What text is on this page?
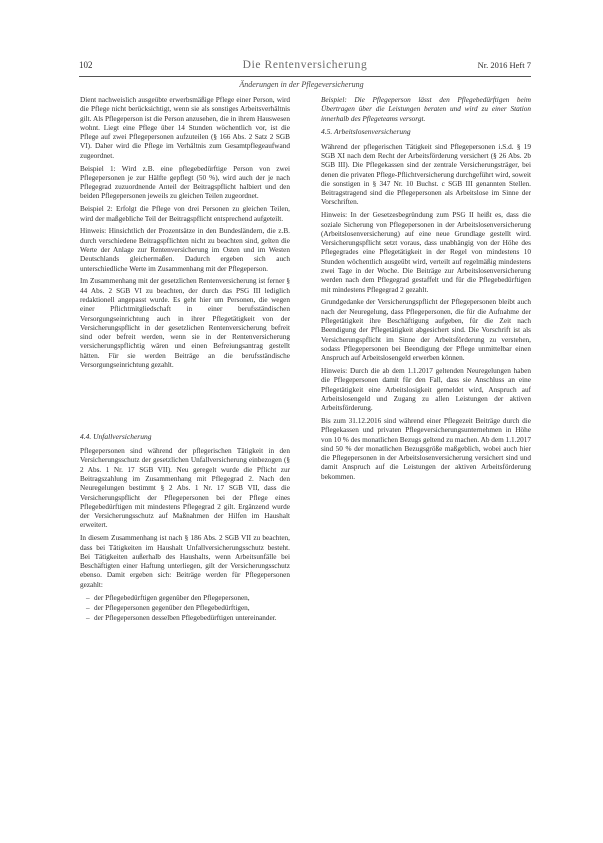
102	Die Rentenversicherung	Nr. 2016 Heft 7
Änderungen in der Pflegeversicherung

Dient nachweislich ausgeübte erwerbsmäßige Pflege einer Person, wird die Pflege nicht berücksichtigt, wenn sie als sonstiges Arbeitsverhältnis gilt. Als Pflegeperson ist die Person anzusehen, die in ihrem Hauswesen wohnt. Liegt eine Pflege über 14 Stunden wöchentlich vor, ist die Pflege auf zwei Pflegepersonen aufzuteilen (§ 166 Abs. 2 Satz 2 SGB VI). Daher wird die Pflege im Verhältnis zum Gesamtpflegeaufwand zugeordnet.

Beispiel 1: Wird z.B. eine pflegebedürftige Person von zwei Pflegepersonen je zur Hälfte gepflegt (50 %), wird auch der je nach Pflegegrad zuzuordnende Anteil der Beitragspflicht halbiert und den beiden Pflegepersonen jeweils zu gleichen Teilen zugeordnet.

Beispiel 2: Erfolgt die Pflege von drei Personen zu gleichen Teilen, wird der maßgebliche Teil der Beitragspflicht entsprechend aufgeteilt.

Hinweis: Hinsichtlich der Prozentsätze in den Bundesländern, die z.B. durch verschiedene Beitragspflichten nicht zu beachten sind, gelten die Werte der Anlage zur Rentenversicherung im Osten und im Westen Deutschlands gleichermaßen. Dadurch ergeben sich auch unterschiedliche Werte im Zusammenhang mit der Pflegeperson.

Im Zusammenhang mit der gesetzlichen Rentenversicherung ist ferner § 44 Abs. 2 SGB VI zu beachten, der durch das PSG III lediglich redaktionell angepasst wurde. Es geht hier um Personen, die wegen einer Pflichtmitgliedschaft in einer berufsständischen Versorgungseinrichtung auch in ihrer Pflegetätigkeit von der Versicherungspflicht in der gesetzlichen Rentenversicherung befreit sind oder befreit werden, wenn sie in der Rentenversicherung versicherungspflichtig wären und einen Befreiungsantrag gestellt hätten. Für sie werden Beiträge an die berufsständische Versorgungseinrichtung gezahlt.

4.4. Unfallversicherung

Pflegepersonen sind während der pflegerischen Tätigkeit in den Versicherungsschutz der gesetzlichen Unfallversicherung einbezogen (§ 2 Abs. 1 Nr. 17 SGB VII). Neu geregelt wurde die Pflicht zur Beitragszahlung im Zusammenhang mit Pflegegrad 2. Nach den Neuregelungen bestimmt § 2 Abs. 1 Nr. 17 SGB VII, dass die Versicherungspflicht der Pflegepersonen bei der Pflege eines Pflegebedürftigen mit mindestens Pflegegrad 2 gilt. Ergänzend wurde der Versicherungsschutz auf Maßnahmen der Hilfen im Haushalt erweitert.

In diesem Zusammenhang ist nach § 186 Abs. 2 SGB VII zu beachten, dass bei Tätigkeiten im Haushalt Unfallversicherungsschutz besteht. Bei Tätigkeiten außerhalb des Haushalts, wenn Arbeitsunfälle bei Beschäftigten einer Haftung unterliegen, gilt der Versicherungsschutz ebenso. Damit ergeben sich: Beiträge werden für Pflegepersonen gezahlt:

– der Pflegebedürftigen gegenüber den Pflegepersonen,
– der Pflegepersonen gegenüber den Pflegebedürftigen,
– der Pflegepersonen desselben Pflegebedürftigen untereinander.

Beispiel: Die Pflegeperson lässt den Pflegebedürftigen beim Übertragen über die Leistungen beraten und wird zu einer Station innerhalb des Pflegeteams versorgt.

4.5. Arbeitslosenversicherung

Während der pflegerischen Tätigkeit sind Pflegepersonen i.S.d. § 19 SGB XI nach dem Recht der Arbeitsförderung versichert (§ 26 Abs. 2b SGB III). Die Pflegekassen sind der zentrale Versicherungsträger, bei denen die privaten Pflege-Pflichtversicherung durchgeführt wird, soweit die sonstigen in § 347 Nr. 10 Buchst. c SGB III genannten Stellen. Beitragstragend sind die Pflegepersonen als Arbeitslose im Sinne der Vorschriften.

Hinweis: In der Gesetzesbegründung zum PSG II heißt es, dass die soziale Sicherung von Pflegepersonen in der Arbeitslosenversicherung (Arbeitslosenversicherung) auf eine neue Grundlage gestellt wird. Versicherungspflicht setzt voraus, dass unabhängig von der Höhe des Pflegegrades eine Pflegetätigkeit in der Regel von mindestens 10 Stunden wöchentlich ausgeübt wird, verteilt auf regelmäßig mindestens zwei Tage in der Woche. Die Beiträge zur Arbeitslosenversicherung werden nach dem Pflegegrad gestaffelt und für die Pflegebedürftigen mit mindestens Pflegegrad 2 gezahlt.

Grundgedanke der Versicherungspflicht der Pflegepersonen bleibt auch nach der Neuregelung, dass Pflegepersonen, die für die Aufnahme der Pflegetätigkeit ihre Beschäftigung aufgeben, für die Zeit nach Beendigung der Pflegetätigkeit abgesichert sind. Die Vorschrift ist als Versicherungspflicht im Sinne der Arbeitsförderung zu verstehen, sodass Pflegepersonen bei Beendigung der Pflege unmittelbar einen Anspruch auf Arbeitslosengeld erwerben können.

Hinweis: Durch die ab dem 1.1.2017 geltenden Neuregelungen haben die Pflegepersonen damit für den Fall, dass sie Anschluss an eine Pflegetätigkeit eine Arbeitslosigkeit gemeldet wird, Anspruch auf Arbeitslosengeld und Zugang zu allen Leistungen der aktiven Arbeitsförderung.

Bis zum 31.12.2016 sind während einer Pflegezeit Beiträge durch die Pflegekassen und privaten Pflegeversicherungsunternehmen in Höhe von 10 % des monatlichen Bezugs geltend zu machen. Ab dem 1.1.2017 sind 50 % der monatlichen Bezugsgröße maßgeblich, wobei auch hier die Pflegepersonen in der Arbeitslosenversicherung versichert sind und damit Anspruch auf die Leistungen der aktiven Arbeitsförderung bekommen.
